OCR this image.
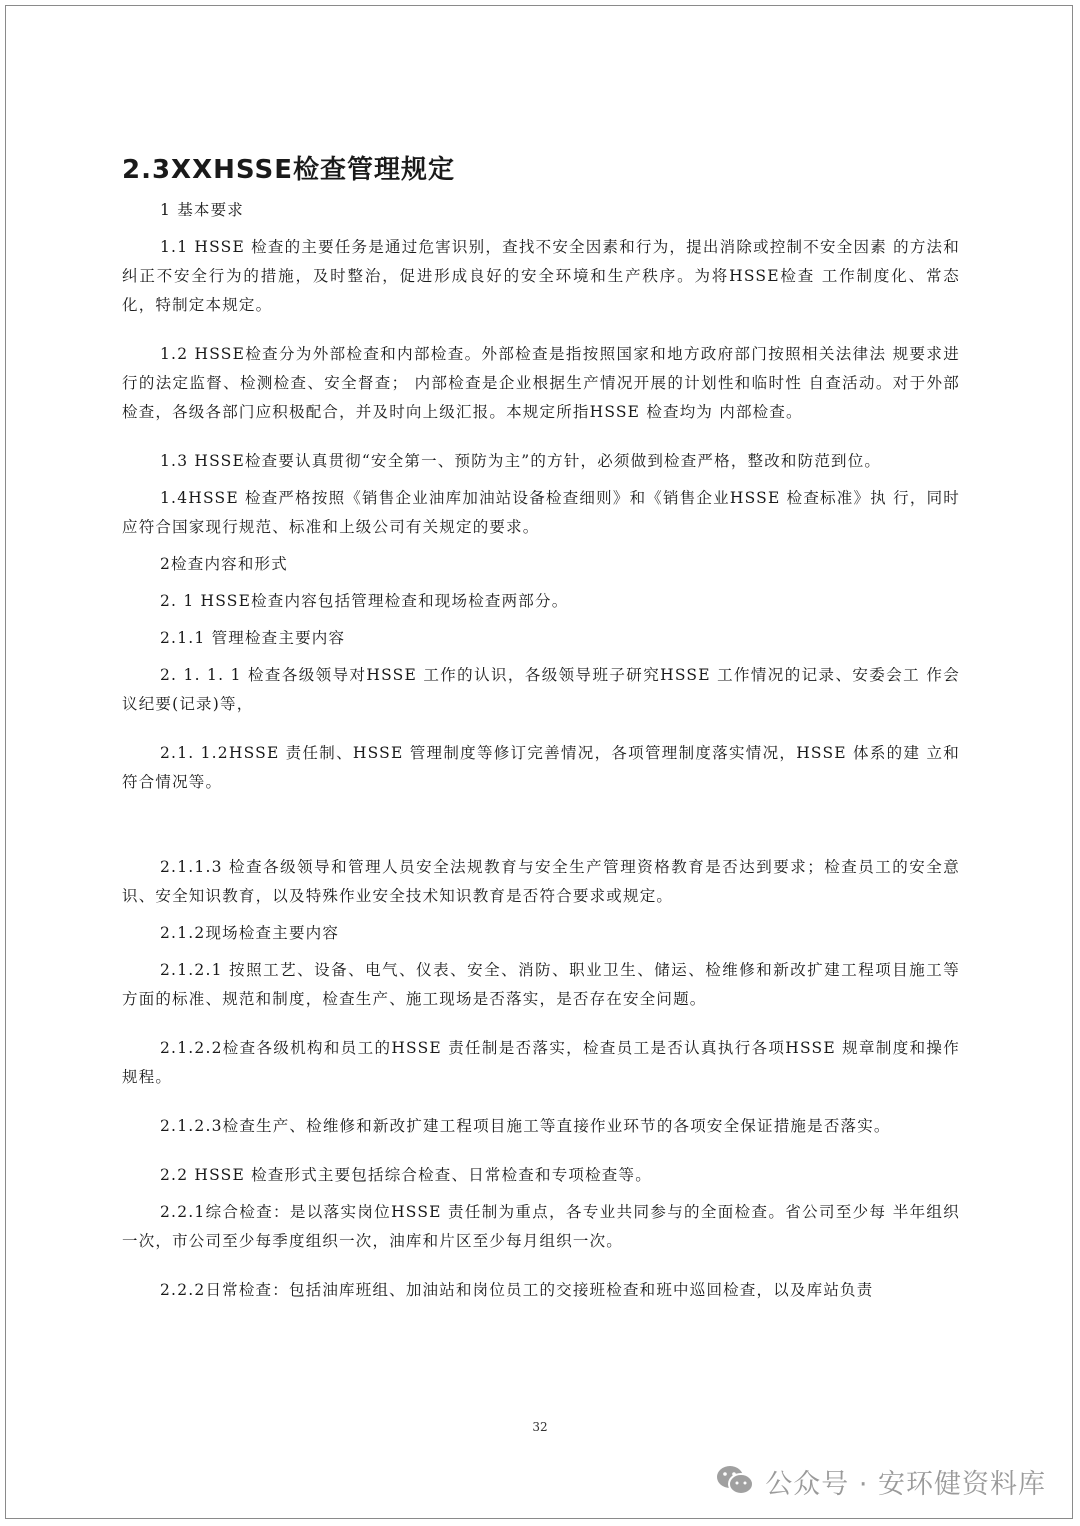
2.3XXHSSE检查管理规定

1 基本要求

1.1 HSSE 检查的主要任务是通过危害识别，查找不安全因素和行为，提出消除或控制不安全因素 的方法和纠正不安全行为的措施，及时整治，促进形成良好的安全环境和生产秩序。为将HSSE检查 工作制度化、常态化，特制定本规定。

1.2 HSSE检查分为外部检查和内部检查。外部检查是指按照国家和地方政府部门按照相关法律法 规要求进行的法定监督、检测检查、安全督查； 内部检查是企业根据生产情况开展的计划性和临时性 自查活动。对于外部检查，各级各部门应积极配合，并及时向上级汇报。本规定所指HSSE 检查均为 内部检查。

1.3 HSSE检查要认真贯彻“安全第一、预防为主”的方针，必须做到检查严格，整改和防范到位。

1.4HSSE 检查严格按照《销售企业油库加油站设备检查细则》和《销售企业HSSE 检查标准》执 行，同时应符合国家现行规范、标准和上级公司有关规定的要求。

2检查内容和形式

2. 1 HSSE检查内容包括管理检查和现场检查两部分。

2.1.1 管理检查主要内容

2. 1. 1. 1 检查各级领导对HSSE 工作的认识，各级领导班子研究HSSE 工作情况的记录、安委会工 作会议纪要(记录)等，

2.1. 1.2HSSE 责任制、HSSE 管理制度等修订完善情况，各项管理制度落实情况，HSSE 体系的建 立和符合情况等。

2.1.1.3 检查各级领导和管理人员安全法规教育与安全生产管理资格教育是否达到要求；检查员工的安全意识、安全知识教育，以及特殊作业安全技术知识教育是否符合要求或规定。

2.1.2现场检查主要内容

2.1.2.1 按照工艺、设备、电气、仪表、安全、消防、职业卫生、储运、检维修和新改扩建工程项目施工等方面的标准、规范和制度，检查生产、施工现场是否落实，是否存在安全问题。

2.1.2.2检查各级机构和员工的HSSE 责任制是否落实，检查员工是否认真执行各项HSSE 规章制度和操作规程。

2.1.2.3检查生产、检维修和新改扩建工程项目施工等直接作业环节的各项安全保证措施是否落实。

2.2 HSSE 检查形式主要包括综合检查、日常检查和专项检查等。

2.2.1综合检查：是以落实岗位HSSE 责任制为重点，各专业共同参与的全面检查。省公司至少每 半年组织一次，市公司至少每季度组织一次，油库和片区至少每月组织一次。

2.2.2日常检查：包括油库班组、加油站和岗位员工的交接班检查和班中巡回检查，以及库站负责

32
公众号 · 安环健资料库
